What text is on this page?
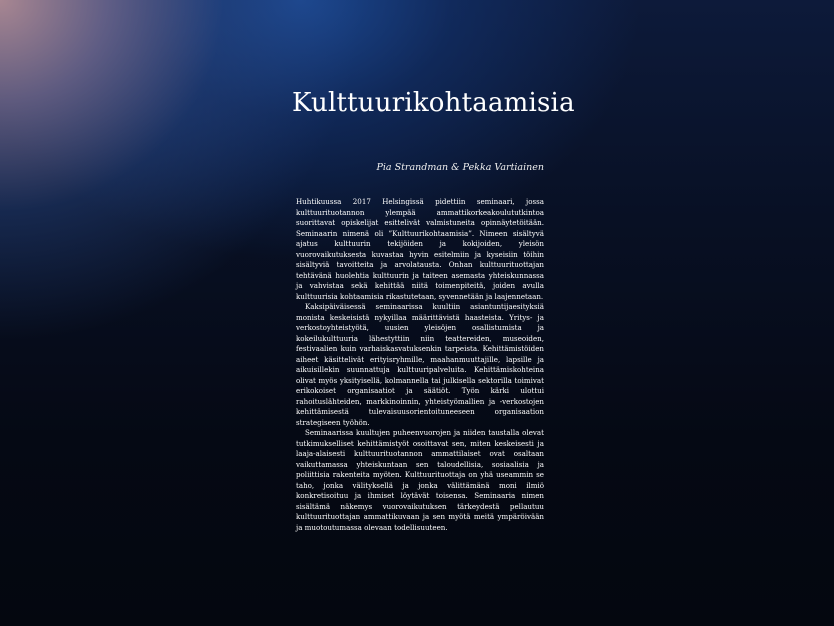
Kulttuurikohtaamisia
Pia Strandman & Pekka Vartiainen

Huhtikuussa 2017 Helsingissä pidettiin seminaari, jossa kulttuurituotannon ylempää ammattikorkeakoulututkintoa suorittavat opiskelijat esittelivät valmistuneita opinnäytetöitään. Seminaarin nimenä oli ”Kulttuurikohtaamisia”. Nimeen sisältyvä ajatus kulttuurin tekijöiden ja kokijoiden, yleisön vuorovaikutuksesta kuvastaa hyvin esitelmiin ja kyseisiin töihin sisältyviä tavoitteita ja arvolatausta. Onhan kulttuurituottajan tehtävänä huolehtia kulttuurin ja taiteen asemasta yhteiskunnassa ja vahvistaa sekä kehittää niitä toimenpiteitä, joiden avulla kulttuurisia kohtaamisia rikastutetaan, syvennetään ja laajennetaan.

Kaksipäiväisessä seminaarissa kuultiin asiantuntijaesityksiä monista keskeisistä nykyillaa määrittävistä haasteista. Yritys- ja verkostoyhteistyötä, uusien yleisöjen osallistumista ja kokeilukulttuuria lähestyttiin niin teattereiden, museoiden, festivaalien kuin varhaiskasvatuksenkin tarpeista. Kehittämistöiden aiheet käsittelivät erityisryhmille, maahanmuuttajille, lapsille ja aikuisillekin suunnattuja kulttuuripalveluita. Kehittämiskohteina olivat myös yksityisellä, kolmannella tai julkisella sektorilla toimivat erikokoiset organisaatiot ja säätiöt. Työn kärki ulottui rahoituslähteiden, markkinoinnin, yhteistyömallien ja -verkostojen kehittämisestä tulevaisuusorientoituneeseen organisaation strategiseen työhön.

Seminaarissa kuultujen puheenvuorojen ja niiden taustalla olevat tutkimukselliset kehittämistyöt osoittavat sen, miten keskeisesti ja laaja-alaisesti kulttuurituotannon ammattilaiset ovat osaltaan vaikuttamassa yhteiskuntaan sen taloudellisia, sosiaalisia ja poliittisia rakenteita myöten. Kulttuurituottaja on yhä useammin se taho, jonka välityksellä ja jonka välittämänä moni ilmiö konkretisoituu ja ihmiset löytävät toisensa. Seminaaria nimen sisältämä näkemys vuorovaikutuksen tärkeydestä pellautuu kulttuurituottajan ammattikuvaan ja sen myötä meitä ympäröivään ja muotoutumassa olevaan todellisuuteen.
